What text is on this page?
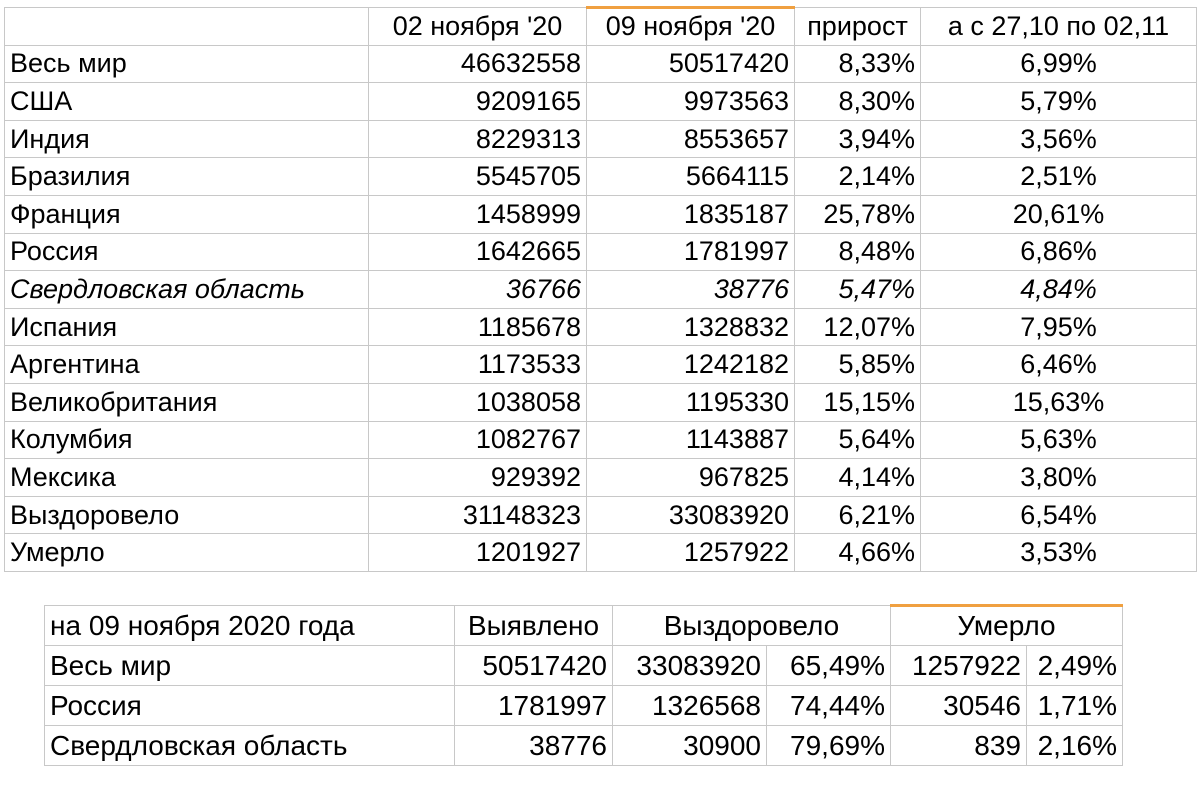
	02 ноября '20	09 ноября '20	прирост	а с 27,10 по 02,11
Весь мир	46632558	50517420	8,33%	6,99%
США	9209165	9973563	8,30%	5,79%
Индия	8229313	8553657	3,94%	3,56%
Бразилия	5545705	5664115	2,14%	2,51%
Франция	1458999	1835187	25,78%	20,61%
Россия	1642665	1781997	8,48%	6,86%
Свердловская область	36766	38776	5,47%	4,84%
Испания	1185678	1328832	12,07%	7,95%
Аргентина	1173533	1242182	5,85%	6,46%
Великобритания	1038058	1195330	15,15%	15,63%
Колумбия	1082767	1143887	5,64%	5,63%
Мексика	929392	967825	4,14%	3,80%
Выздоровело	31148323	33083920	6,21%	6,54%
Умерло	1201927	1257922	4,66%	3,53%
на 09 ноября 2020 года	Выявлено	Выздоровело		Умерло	
Весь мир	50517420	33083920	65,49%	1257922	2,49%
Россия	1781997	1326568	74,44%	30546	1,71%
Свердловская область	38776	30900	79,69%	839	2,16%
